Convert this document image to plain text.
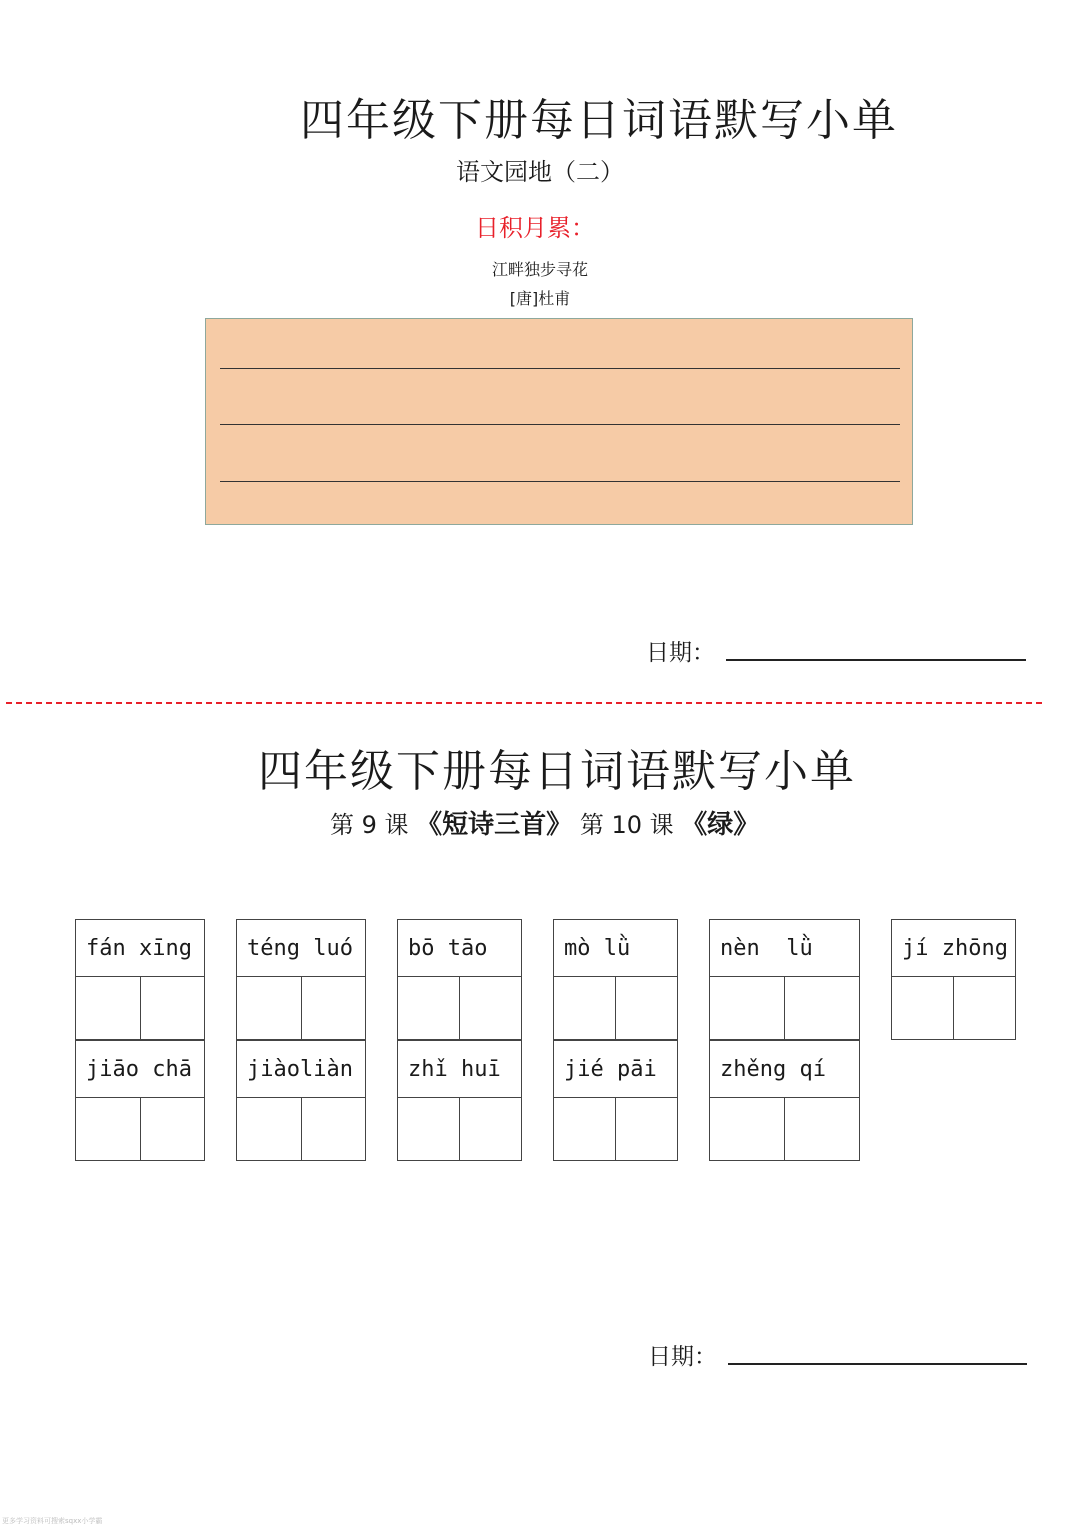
四年级下册每日词语默写小单
语文园地（二）
日积月累：
江畔独步寻花
[唐]杜甫
日期：
四年级下册每日词语默写小单
第 9 课 《短诗三首》 第 10 课 《绿》
fán xīng	téng luó	bō tāo	mò lǜ	nèn  lǜ	jí zhōng
jiāo chā	jiàoliàn	zhǐ huī	jié pāi	zhěng qí
日期：
更多学习资料可搜索sqxx小学霸
